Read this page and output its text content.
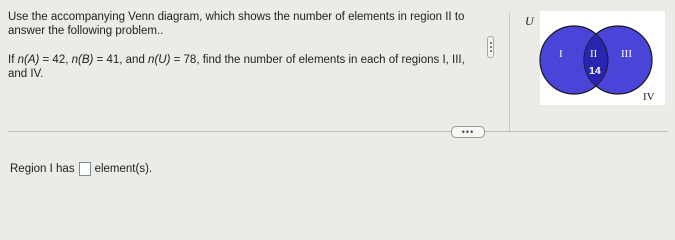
Use the accompanying Venn diagram, which shows the number of elements in region II to
answer the following problem..
If n(A) = 42, n(B) = 41, and n(U) = 78, find the number of elements in each of regions I, III,
and IV.
U
A	B
I II III
14
IV
•••
Region I has element(s).
